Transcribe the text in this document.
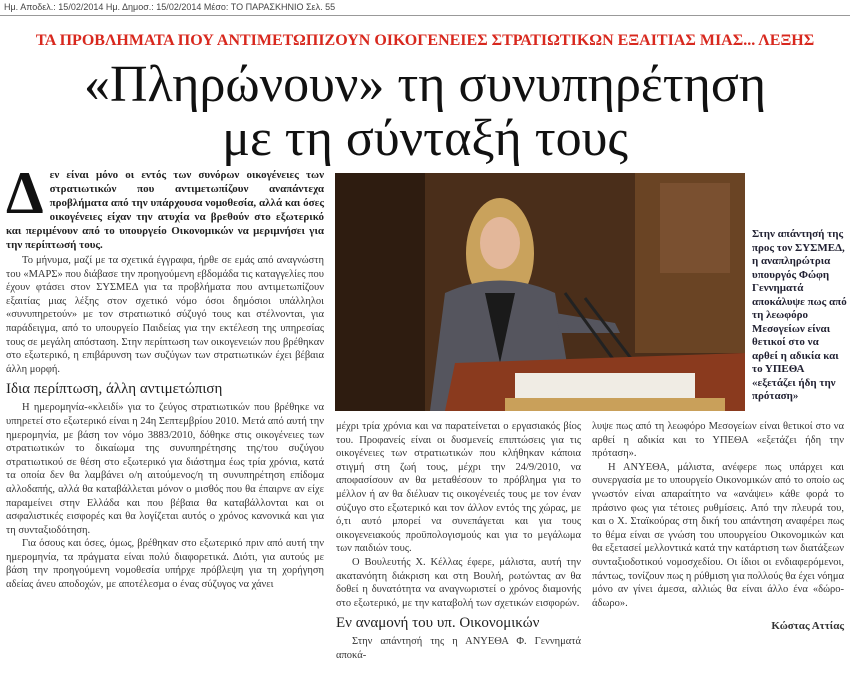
Ημ. Αποδελ.: 15/02/2014 Ημ. Δημοσ.: 15/02/2014 Μέσο: ΤΟ ΠΑΡΑΣΚΗΝΙΟ Σελ. 55
ΤΑ ΠΡΟΒΛΗΜΑΤΑ ΠΟΥ ΑΝΤΙΜΕΤΩΠΙΖΟΥΝ ΟΙΚΟΓΕΝΕΙΕΣ ΣΤΡΑΤΙΩΤΙΚΩΝ ΕΞΑΙΤΙΑΣ ΜΙΑΣ... ΛΕΞΗΣ
«Πληρώνουν» τη συνυπηρέτηση
με τη σύνταξή τους
Δεν είναι μόνο οι εντός των συνόρων οικογένειες των στρατιωτικών που αντιμετωπίζουν αναπάντεχα προβλήματα από την υπάρχουσα νομοθεσία, αλλά και όσες οικογένειες είχαν την ατυχία να βρεθούν στο εξωτερικό και περιμένουν από το υπουργείο Οικονομικών να μεριμνήσει για την περίπτωσή τους.

Το μήνυμα, μαζί με τα σχετικά έγγραφα, ήρθε σε εμάς από αναγνώστη του «ΜΑΡΣ» που διάβασε την προηγούμενη εβδομάδα τις καταγγελίες που έχουν φτάσει στον ΣΥΣΜΕΔ για τα προβλήματα που αντιμετωπίζουν εξαιτίας μιας λέξης στον σχετικό νόμο όσοι δημόσιοι υπάλληλοι «συνυπηρετούν» με τον στρατιωτικό σύζυγό τους και στέλνονται, για παράδειγμα, από το υπουργείο Παιδείας για την εκτέλεση της υπηρεσίας τους σε μεγάλη απόσταση. Στην περίπτωση των οικογενειών που βρέθηκαν στο εξωτερικό, η επιβάρυνση των συζύγων των στρατιωτικών έχει βέβαια άλλη μορφή.

Ιδια περίπτωση, άλλη αντιμετώπιση

Η ημερομηνία-«κλειδί» για το ζεύγος στρατιωτικών που βρέθηκε να υπηρετεί στο εξωτερικό είναι η 24η Σεπτεμβρίου 2010. Μετά από αυτή την ημερομηνία, με βάση τον νόμο 3883/2010, δόθηκε στις οικογένειες των στρατιωτικών το δικαίωμα της συνυπηρέτησης της/του συζύγου στρατιωτικού σε θέση στο εξωτερικό για διάστημα έως τρία χρόνια, κατά τα οποία δεν θα λαμβάνει ο/η αιτούμενος/η τη συνυπηρέτηση επίδομα αλλοδαπής, αλλά θα καταβάλλεται μόνον ο μισθός που θα έπαιρνε αν είχε παραμείνει στην Ελλάδα και που βέβαια θα καταβάλλονται και οι ασφαλιστικές εισφορές και θα λογίζεται αυτός ο χρόνος κανονικά και για τη συνταξιοδότηση.

Για όσους και όσες, όμως, βρέθηκαν στο εξωτερικό πριν από αυτή την ημερομηνία, τα πράγματα είναι πολύ διαφορετικά. Διότι, για αυτούς με βάση την προηγούμενη νομοθεσία υπήρχε πρόβλεψη για τη χορήγηση αδείας άνευ αποδοχών, με αποτέλεσμα ο ένας σύζυγος να χάνει

Στην απάντησή της προς τον ΣΥΣΜΕΔ, η αναπληρώτρια υπουργός Φώφη Γεννηματά αποκάλυψε πως από τη λεωφόρο Μεσογείων είναι θετικοί στο να αρθεί η αδικία και το ΥΠΕΘΑ «εξετάζει ήδη την πρόταση»

μέχρι τρία χρόνια και να παρατείνεται ο εργασιακός βίος του. Προφανείς είναι οι δυσμενείς επιπτώσεις για τις οικογένειες των στρατιωτικών που κλήθηκαν κάποια στιγμή στη ζωή τους, μέχρι την 24/9/2010, να αποφασίσουν αν θα μεταθέσουν το πρόβλημα για το μέλλον ή αν θα διέλυαν τις οικογένειές τους με τον έναν σύζυγο στο εξωτερικό και τον άλλον εντός της χώρας, με ό,τι αυτό μπορεί να συνεπάγεται και για τους οικογενειακούς προϋπολογισμούς και για το μεγάλωμα των παιδιών τους.

Ο Βουλευτής Χ. Κέλλας έφερε, μάλιστα, αυτή την ακατανόητη διάκριση και στη Βουλή, ρωτώντας αν θα δοθεί η δυνατότητα να αναγνωριστεί ο χρόνος διαμονής στο εξωτερικό, με την καταβολή των σχετικών εισφορών.

Εν αναμονή του υπ. Οικονομικών

Στην απάντησή της η ΑΝΥΕΘΑ Φ. Γεννηματά αποκά-

λυψε πως από τη λεωφόρο Μεσογείων είναι θετικοί στο να αρθεί η αδικία και το ΥΠΕΘΑ «εξετάζει ήδη την πρόταση».

Η ΑΝΥΕΘΑ, μάλιστα, ανέφερε πως υπάρχει και συνεργασία με το υπουργείο Οικονομικών από το οποίο ως γνωστόν είναι απαραίτητο να «ανάψει» κάθε φορά το πράσινο φως για τέτοιες ρυθμίσεις. Από την πλευρά του, και ο Χ. Σταϊκούρας στη δική του απάντηση αναφέρει πως το θέμα είναι σε γνώση του υπουργείου Οικονομικών και θα εξετασεί μελλοντικά κατά την κατάρτιση των διατάξεων συνταξιοδοτικού νομοσχεδίου. Οι ίδιοι οι ενδιαφερόμενοι, πάντως, τονίζουν πως η ρύθμιση για πολλούς θα έχει νόημα μόνο αν γίνει άμεσα, αλλιώς θα είναι άλλο ένα «δώρο-άδωρο».

Κώστας Αττίας
